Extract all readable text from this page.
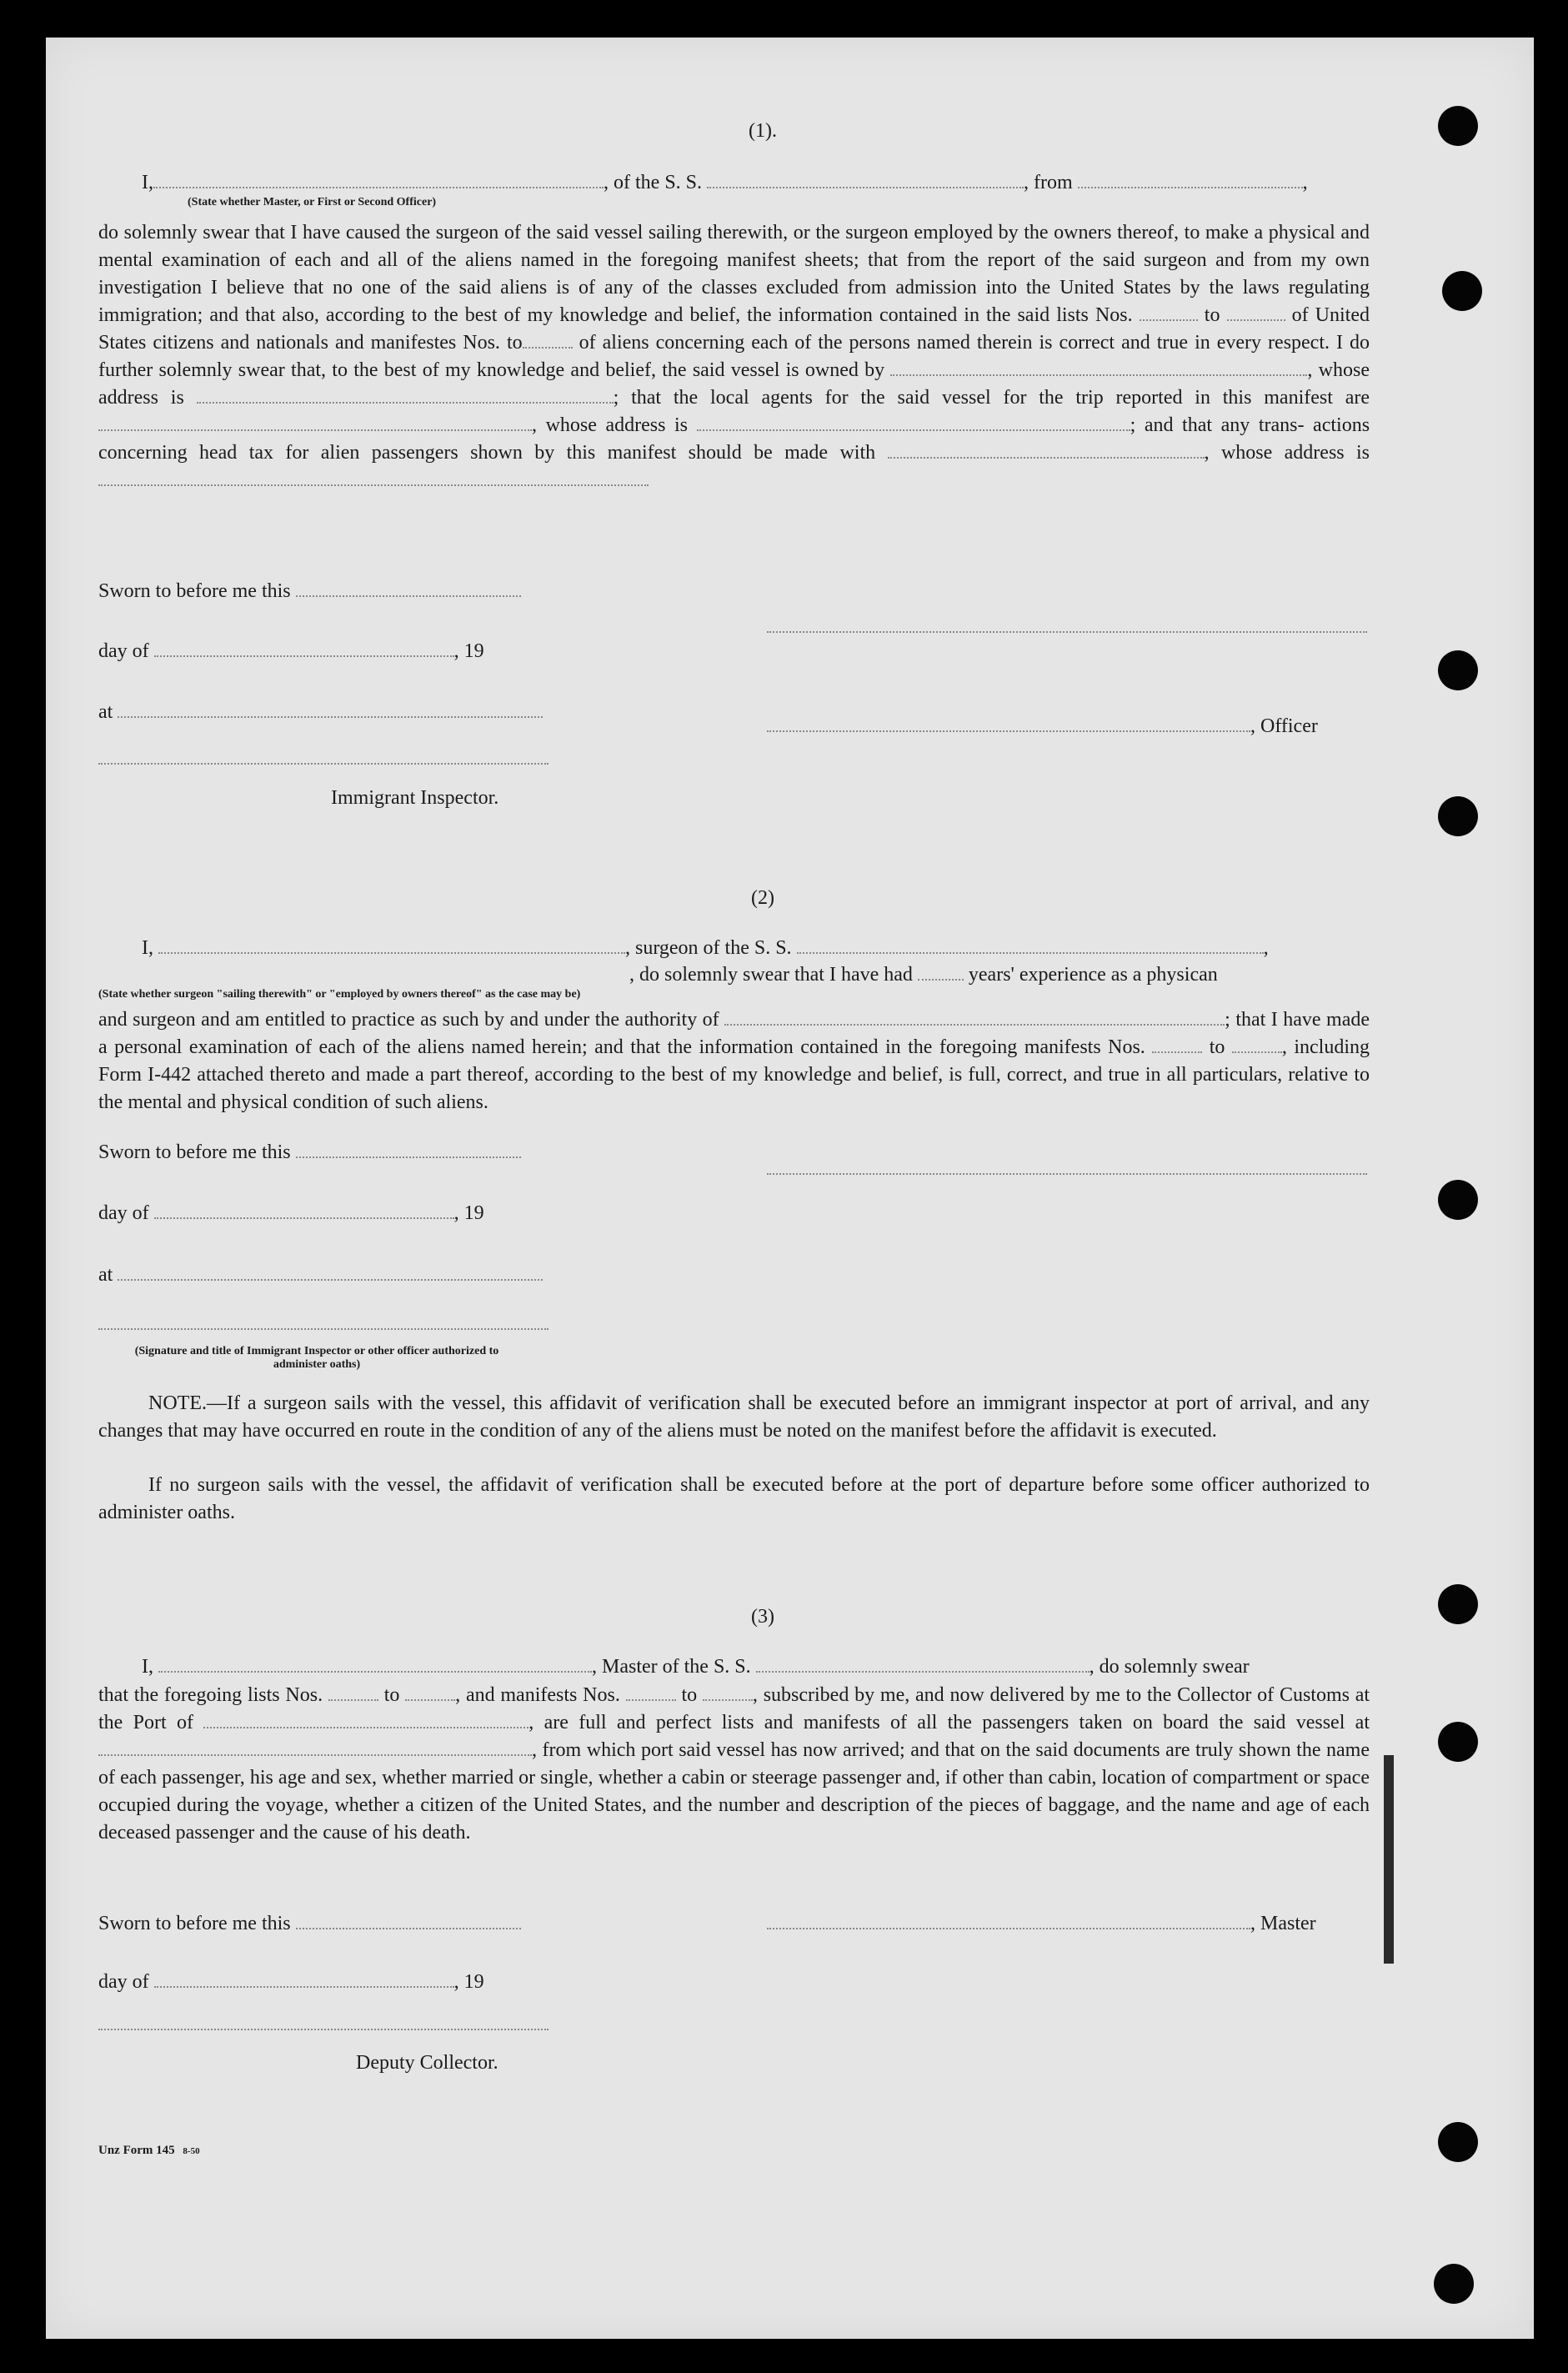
(1).
I,	, of the S. S.	, from	,
(State whether Master, or First or Second Officer)
do solemnly swear that I have caused the surgeon of the said vessel sailing therewith, or the surgeon employed by the owners thereof, to make a physical and mental examination of each and all of the aliens named in the foregoing manifest sheets; that from the report of the said surgeon and from my own investigation I believe that no one of the said aliens is of any of the classes excluded from admission into the United States by the laws regulating immigration; and that also, according to the best of my knowledge and belief, the information contained in the said lists Nos.	to	of United States citizens and nationals and manifestes Nos. to	of aliens concerning each of the persons named therein is correct and true in every respect. I do further solemnly swear that, to the best of my knowledge and belief, the said vessel is owned by	, whose address is	; that the local agents for the said vessel for the trip reported in this manifest are , whose address is	; and that any trans- actions concerning head tax for alien passengers shown by this manifest should be made with	, whose address is
Sworn to before me this
day of	, 19
at
, Officer
Immigrant Inspector.
(2)
I,	, surgeon of the S. S.	,
, do solemnly swear that I have had	years' experience as a physican
(State whether surgeon "sailing therewith" or "employed by owners thereof" as the case may be)
and surgeon and am entitled to practice as such by and under the authority of	; that I have made a personal examination of each of the aliens named herein; and that the information contained in the foregoing manifests Nos.	to	, including Form I-442 attached thereto and made a part thereof, according to the best of my knowledge and belief, is full, correct, and true in all particulars, relative to the mental and physical condition of such aliens.
Sworn to before me this
day of	, 19
at
(Signature and title of Immigrant Inspector or other officer authorized to administer oaths)
NOTE.—If a surgeon sails with the vessel, this affidavit of verification shall be executed before an immigrant inspector at port of arrival, and any changes that may have occurred en route in the condition of any of the aliens must be noted on the manifest before the affidavit is executed.
If no surgeon sails with the vessel, the affidavit of verification shall be executed before at the port of departure before some officer authorized to administer oaths.
(3)
I,	, Master of the S. S.	, do solemnly swear
that the foregoing lists Nos.	to	, and manifests Nos.	to	, subscribed by me, and now delivered by me to the Collector of Customs at the Port of	, are full and perfect lists and manifests of all the passengers taken on board the said vessel at , from which port said vessel has now arrived; and that on the said documents are truly shown the name of each passenger, his age and sex, whether married or single, whether a cabin or steerage passenger and, if other than cabin, location of compartment or space occupied during the voyage, whether a citizen of the United States, and the number and description of the pieces of baggage, and the name and age of each deceased passenger and the cause of his death.
Sworn to before me this	, Master
day of	, 19
Deputy Collector.
Unz Form 145 8-50
